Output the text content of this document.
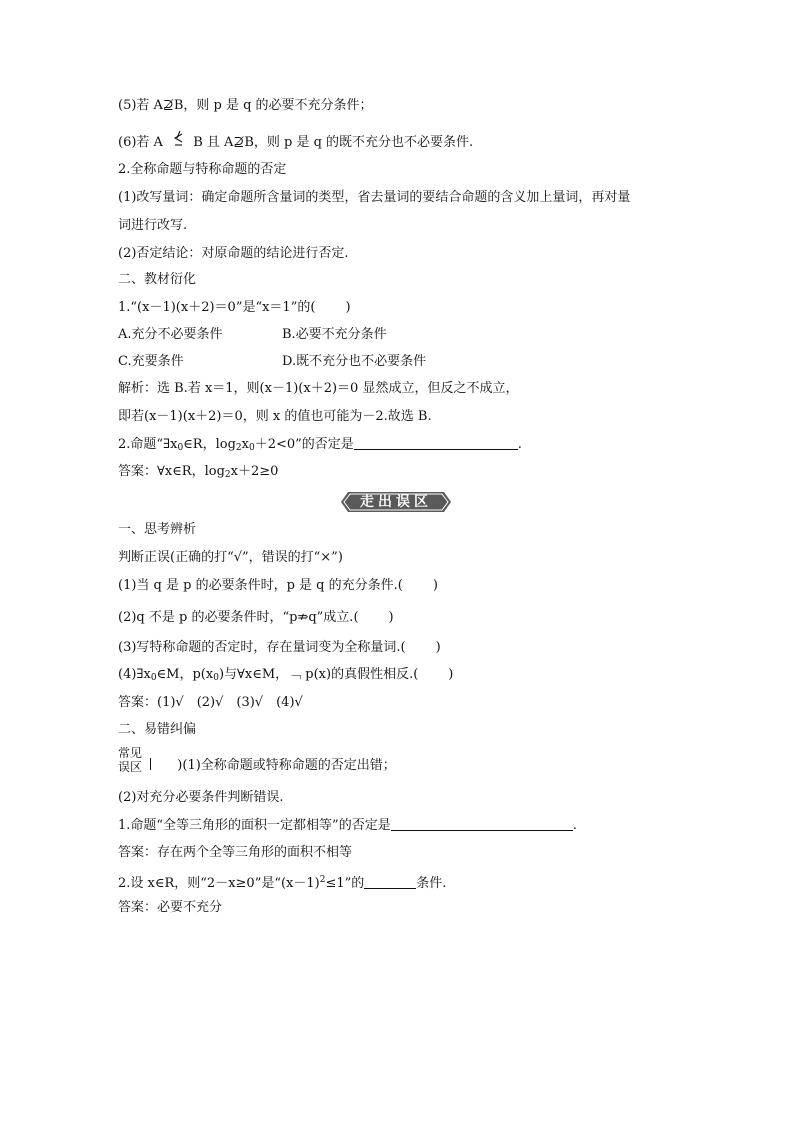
(5)若 A⊉B，则 p 是 q 的必要不充分条件；
(6)若 A B 且 A⊉B，则 p 是 q 的既不充分也不必要条件.
2.全称命题与特称命题的否定
(1)改写量词：确定命题所含量词的类型，省去量词的要结合命题的含义加上量词，再对量
词进行改写.
(2)否定结论：对原命题的结论进行否定.
二、教材衍化
1.“(x－1)(x＋2)＝0”是“x＝1”的( )
A.充分不必要条件	B.必要不充分条件
C.充要条件	D.既不充分也不必要条件
解析：选 B.若 x＝1，则(x－1)(x＋2)＝0 显然成立，但反之不成立，
即若(x－1)(x＋2)＝0，则 x 的值也可能为－2.故选 B.
2.命题“$\exists x_0\in R$，$\log_2x_0+2<0$”的否定是	.
答案：∀x∈R，$\log_2x+2\ge 0$
走出误区
一、思考辨析
判断正误(正确的打“√”，错误的打“×”)
(1)当 q 是 p 的必要条件时，p 是 q 的充分条件.( )
(2)q 不是 p 的必要条件时，“p⇏q”成立.( )
(3)写特称命题的否定时，存在量词变为全称量词.( )
$(4)\exists x_0\in M$，$p(x_0)$与∀x∈M，﹁ p(x)的真假性相反.( )
答案：(1)√　(2)√　(3)√　(4)√
二、易错纠偏
常见
误区	)(1)全称命题或特称命题的否定出错；
(2)对充分必要条件判断错误.
1.命题“全等三角形的面积一定都相等”的否定是	.
答案：存在两个全等三角形的面积不相等
2.设 x∈R，则“2－x≥0”是“$(x-1)^2\le 1$”的	条件.
答案：必要不充分
